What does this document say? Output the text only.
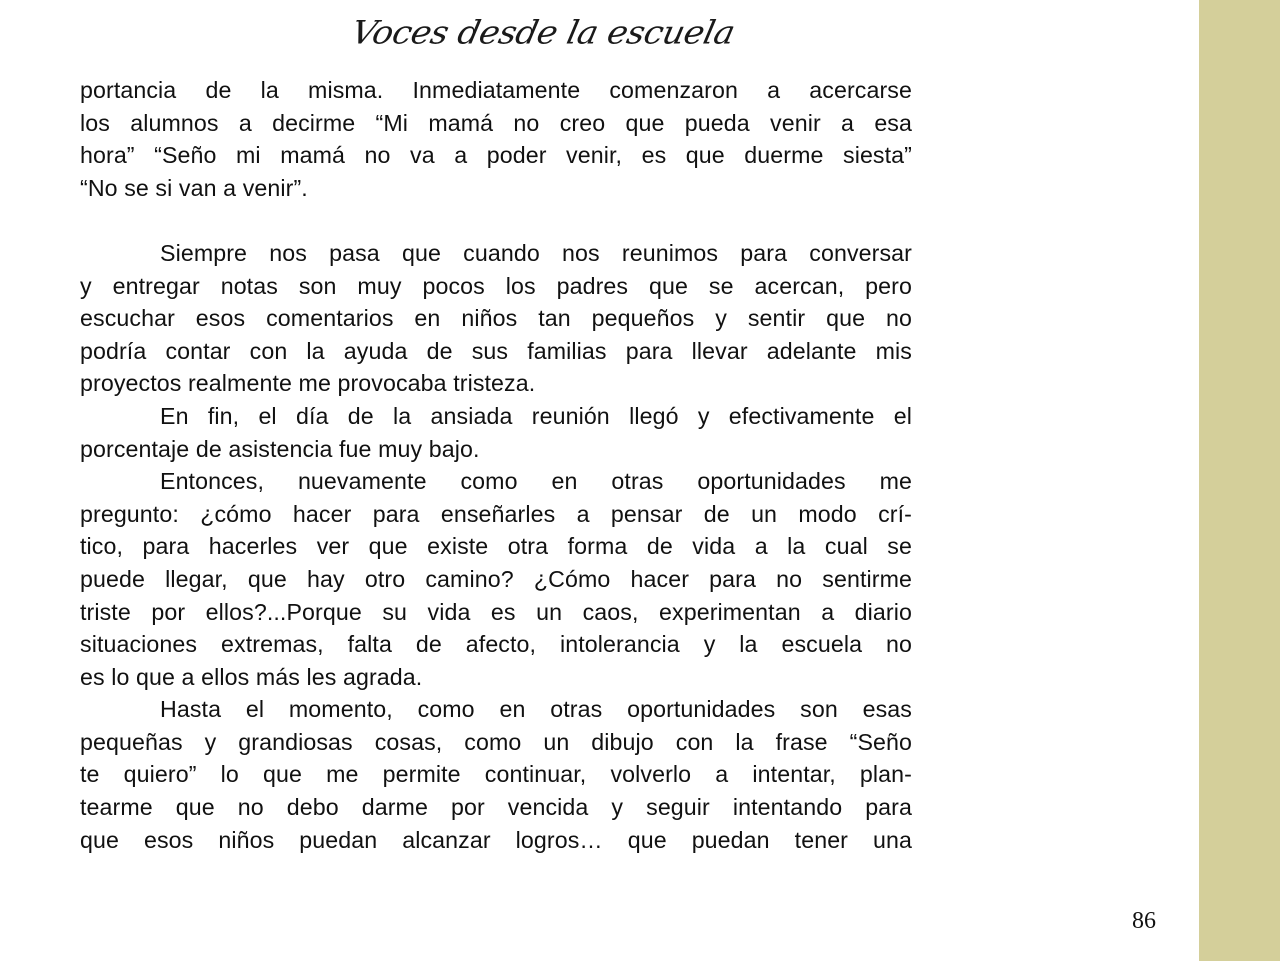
Voces desde la escuela
portancia de la misma. Inmediatamente comenzaron a acercarse
los alumnos a decirme “Mi mamá no creo que pueda venir a esa
hora” “Seño mi mamá no va a poder venir, es que duerme siesta”
“No se si van a venir”.
Siempre nos pasa que cuando nos reunimos para conversar
y entregar notas son muy pocos los padres que se acercan, pero
escuchar esos comentarios en niños tan pequeños y sentir que no
podría contar con la ayuda de sus familias para llevar adelante mis
proyectos realmente me provocaba tristeza.
En fin, el día de la ansiada reunión llegó y efectivamente el
porcentaje de asistencia fue muy bajo.
Entonces, nuevamente como en otras oportunidades me
pregunto: ¿cómo hacer para enseñarles a pensar de un modo crí-
tico, para hacerles ver que existe otra forma de vida a la cual se
puede llegar, que hay otro camino? ¿Cómo hacer para no sentirme
triste por ellos?...Porque su vida es un caos, experimentan a diario
situaciones extremas, falta de afecto, intolerancia y la escuela no
es lo que a ellos más les agrada.
Hasta el momento, como en otras oportunidades son esas
pequeñas y grandiosas cosas, como un dibujo con la frase “Seño
te quiero” lo que me permite continuar, volverlo a intentar, plan-
tearme que no debo darme por vencida y seguir intentando para
que esos niños puedan alcanzar logros… que puedan tener una
86
